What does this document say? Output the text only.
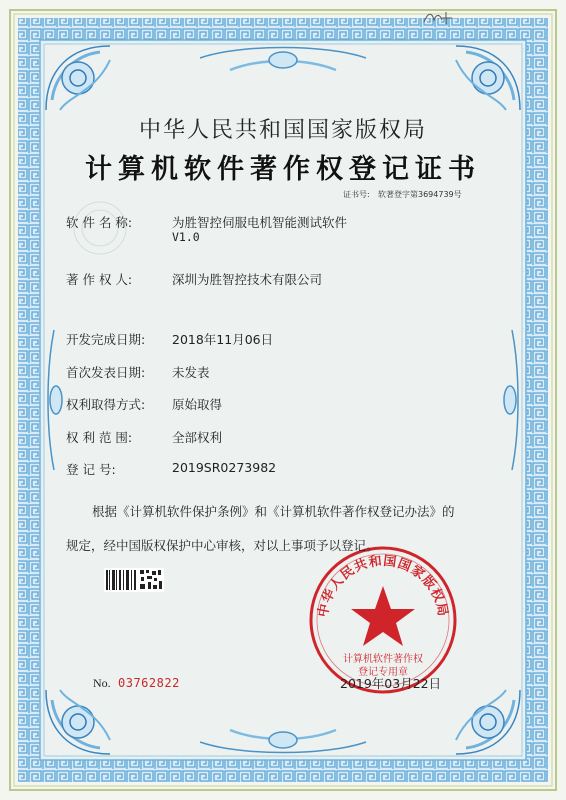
中华人民共和国国家版权局
计算机软件著作权登记证书
证书号: 软著登字第3694739号
软 件 名 称:	为胜智控伺服电机智能测试软件
V1.0
著 作 权 人:	深圳为胜智控技术有限公司
开发完成日期: 2018年11月06日
首次发表日期: 未发表
权利取得方式: 原始取得
权 利 范 围:	全部权利
登 记 号:	2019SR0273982
根据《计算机软件保护条例》和《计算机软件著作权登记办法》的
规定，经中国版权保护中心审核，对以上事项予以登记。
中华人民共和国国家版权局
计算机软件著作权
登记专用章
No. 03762822	2019年03月22日
